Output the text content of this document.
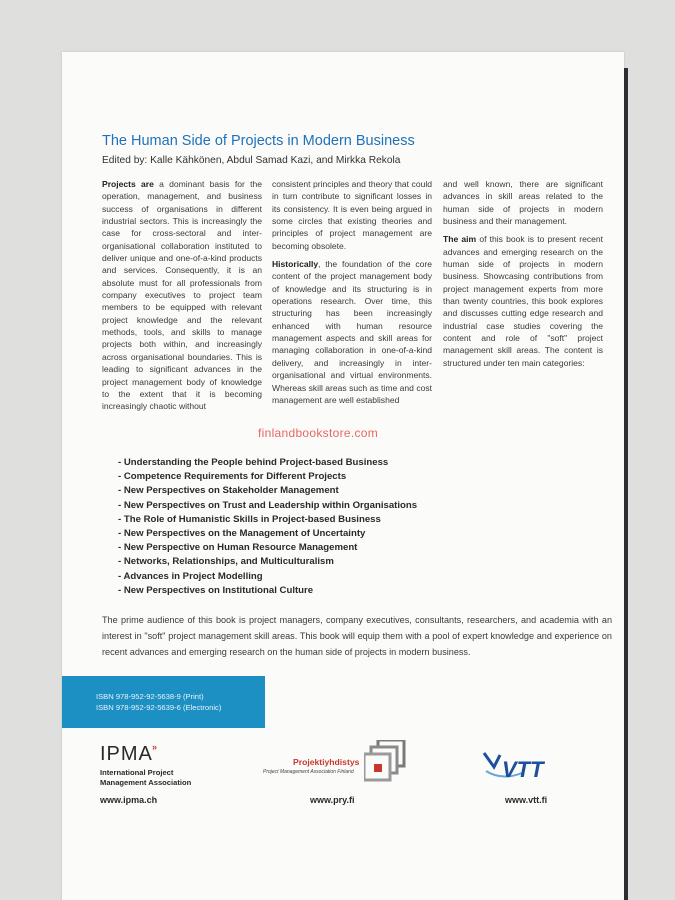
The Human Side of Projects in Modern Business

Edited by: Kalle Kähkönen, Abdul Samad Kazi, and Mirkka Rekola

Projects are a dominant basis for the operation, management, and business success of organisations in different industrial sectors. This is increasingly the case for cross-sectoral and inter-organisational collaboration instituted to deliver unique and one-of-a-kind products and services. Consequently, it is an absolute must for all professionals from company executives to project team members to be equipped with relevant project knowledge and the relevant methods, tools, and skills to manage projects both within, and increasingly across organisational boundaries. This is leading to significant advances in the project management body of knowledge to the extent that it is becoming increasingly chaotic without

consistent principles and theory that could in turn contribute to significant losses in its consistency. It is even being argued in some circles that existing theories and principles of project management are becoming obsolete.

Historically, the foundation of the core content of the project management body of knowledge and its structuring is in operations research. Over time, this structuring has been increasingly enhanced with human resource management aspects and skill areas for managing collaboration in one-of-a-kind delivery, and increasingly in inter-organisational and virtual environments. Whereas skill areas such as time and cost management are well established

and well known, there are significant advances in skill areas related to the human side of projects in modern business and their management.

The aim of this book is to present recent advances and emerging research on the human side of projects in modern business. Showcasing contributions from project management experts from more than twenty countries, this book explores and discusses cutting edge research and industrial case studies covering the content and role of "soft" project management skill areas. The content is structured under ten main categories:

finlandbookstore.com
- Understanding the People behind Project-based Business
- Competence Requirements for Different Projects
- New Perspectives on Stakeholder Management
- New Perspectives on Trust and Leadership within Organisations
- The Role of Humanistic Skills in Project-based Business
- New Perspectives on the Management of Uncertainty
- New Perspective on Human Resource Management
- Networks, Relationships, and Multiculturalism
- Advances in Project Modelling
- New Perspectives on Institutional Culture

The prime audience of this book is project managers, company executives, consultants, researchers, and academia with an interest in "soft" project management skill areas. This book will equip them with a pool of expert knowledge and experience on recent advances and emerging research on the human side of projects in modern business.

ISBN 978-952-92-5638-9 (Print)
ISBN 978-952-92-5639-6 (Electronic)
IPMA »
International Project
Management Association
www.ipma.ch
Projektiyhdistys
Project Management Association Finland
www.pry.fi
VTT
www.vtt.fi
